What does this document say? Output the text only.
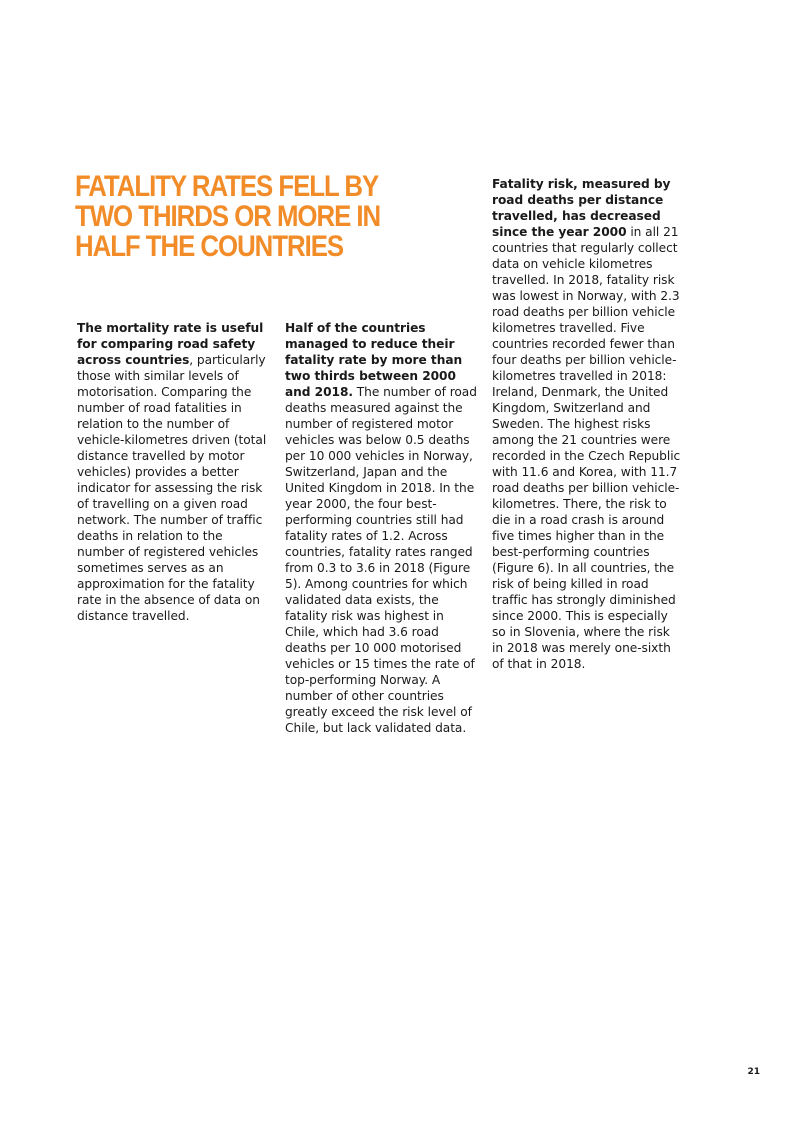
FATALITY RATES FELL BY
TWO THIRDS OR MORE IN
HALF THE COUNTRIES

The mortality rate is useful for comparing road safety across countries, particularly those with similar levels of motorisation. Comparing the number of road fatalities in relation to the number of vehicle-kilometres driven (total distance travelled by motor vehicles) provides a better indicator for assessing the risk of travelling on a given road network. The number of traffic deaths in relation to the number of registered vehicles sometimes serves as an approximation for the fatality rate in the absence of data on distance travelled.

Half of the countries managed to reduce their fatality rate by more than two thirds between 2000 and 2018. The number of road deaths measured against the number of registered motor vehicles was below 0.5 deaths per 10 000 vehicles in Norway, Switzerland, Japan and the United Kingdom in 2018. In the year 2000, the four best-performing countries still had fatality rates of 1.2. Across countries, fatality rates ranged from 0.3 to 3.6 in 2018 (Figure 5). Among countries for which validated data exists, the fatality risk was highest in Chile, which had 3.6 road deaths per 10 000 motorised vehicles or 15 times the rate of top-performing Norway. A number of other countries greatly exceed the risk level of Chile, but lack validated data.

Fatality risk, measured by road deaths per distance travelled, has decreased since the year 2000 in all 21 countries that regularly collect data on vehicle kilometres travelled. In 2018, fatality risk was lowest in Norway, with 2.3 road deaths per billion vehicle kilometres travelled. Five countries recorded fewer than four deaths per billion vehicle-kilometres travelled in 2018: Ireland, Denmark, the United Kingdom, Switzerland and Sweden. The highest risks among the 21 countries were recorded in the Czech Republic with 11.6 and Korea, with 11.7 road deaths per billion vehicle-kilometres. There, the risk to die in a road crash is around five times higher than in the best-performing countries (Figure 6). In all countries, the risk of being killed in road traffic has strongly diminished since 2000. This is especially so in Slovenia, where the risk in 2018 was merely one-sixth of that in 2018.

21
